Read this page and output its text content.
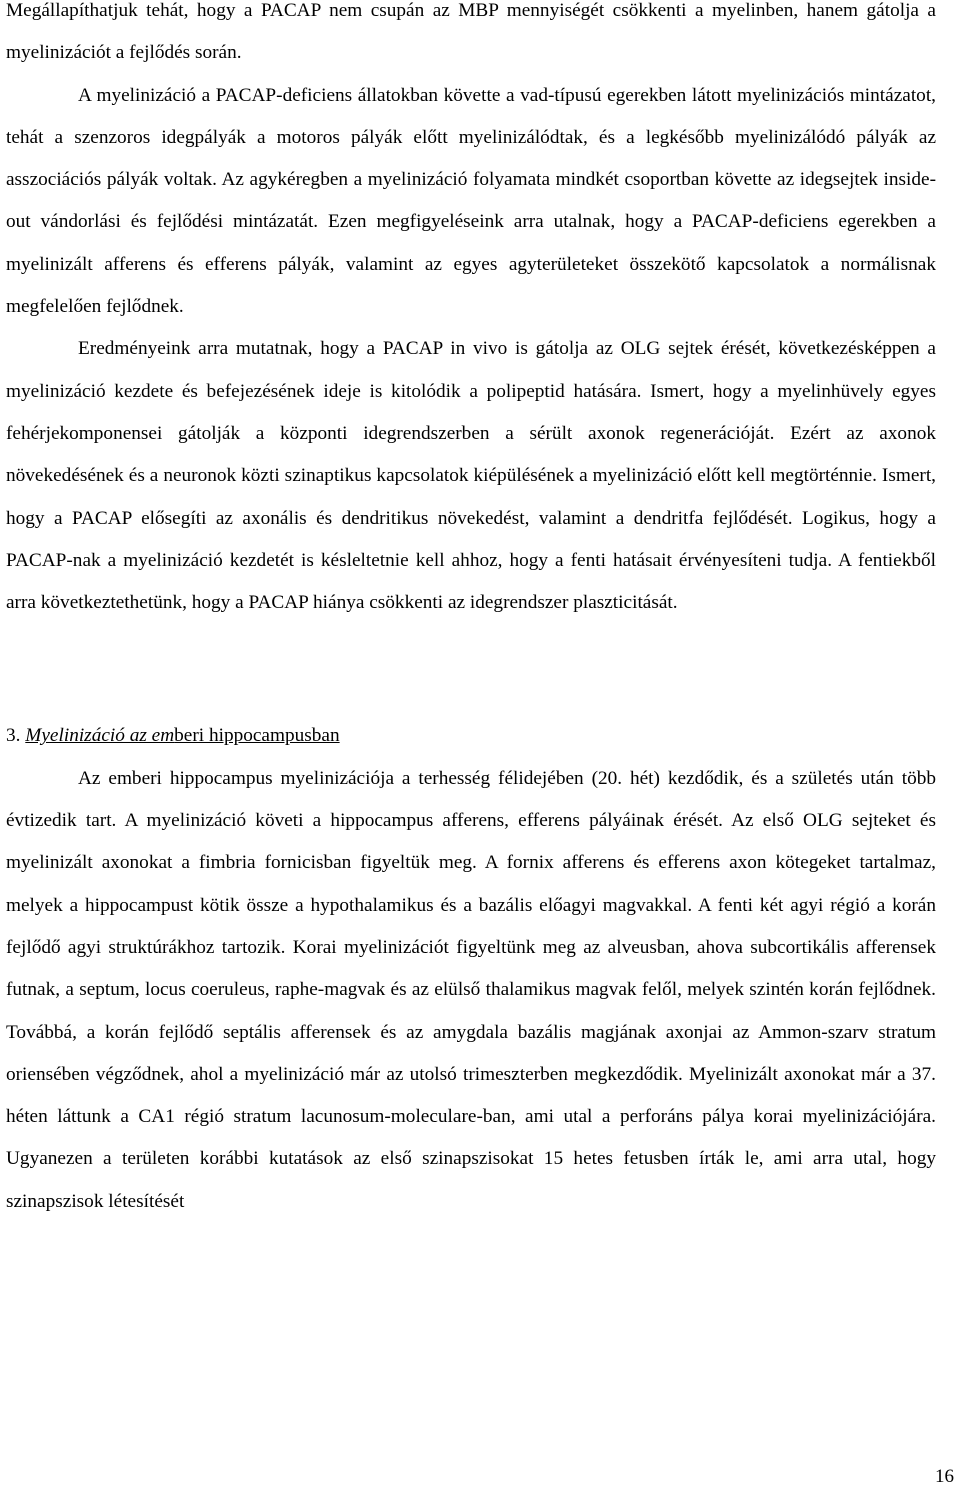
Megállapíthatjuk tehát, hogy a PACAP nem csupán az MBP mennyiségét csökkenti a myelinben, hanem gátolja a myelinizációt a fejlődés során.

A myelinizáció a PACAP-deficiens állatokban követte a vad-típusú egerekben látott myelinizációs mintázatot, tehát a szenzoros idegpályák a motoros pályák előtt myelinizálódtak, és a legkésőbb myelinizálódó pályák az asszociációs pályák voltak. Az agykéregben a myelinizáció folyamata mindkét csoportban követte az idegsejtek inside-out vándorlási és fejlődési mintázatát. Ezen megfigyeléseink arra utalnak, hogy a PACAP-deficiens egerekben a myelinizált afferens és efferens pályák, valamint az egyes agyterületeket összekötő kapcsolatok a normálisnak megfelelően fejlődnek.

Eredményeink arra mutatnak, hogy a PACAP in vivo is gátolja az OLG sejtek érését, következésképpen a myelinizáció kezdete és befejezésének ideje is kitolódik a polipeptid hatására. Ismert, hogy a myelinhüvely egyes fehérjekomponensei gátolják a központi idegrendszerben a sérült axonok regenerációját. Ezért az axonok növekedésének és a neuronok közti szinaptikus kapcsolatok kiépülésének a myelinizáció előtt kell megtörténnie. Ismert, hogy a PACAP elősegíti az axonális és dendritikus növekedést, valamint a dendritfa fejlődését. Logikus, hogy a PACAP-nak a myelinizáció kezdetét is késleltetnie kell ahhoz, hogy a fenti hatásait érvényesíteni tudja. A fentiekből arra következtethetünk, hogy a PACAP hiánya csökkenti az idegrendszer plaszticitását.

3. Myelinizáció az emberi hippocampusban

Az emberi hippocampus myelinizációja a terhesség félidejében (20. hét) kezdődik, és a születés után több évtizedik tart. A myelinizáció követi a hippocampus afferens, efferens pályáinak érését. Az első OLG sejteket és myelinizált axonokat a fimbria fornicisban figyeltük meg. A fornix afferens és efferens axon kötegeket tartalmaz, melyek a hippocampust kötik össze a hypothalamikus és a bazális előagyi magvakkal. A fenti két agyi régió a korán fejlődő agyi struktúrákhoz tartozik. Korai myelinizációt figyeltünk meg az alveusban, ahova subcortikális afferensek futnak, a septum, locus coeruleus, raphe-magvak és az elülső thalamikus magvak felől, melyek szintén korán fejlődnek. Továbbá, a korán fejlődő septális afferensek és az amygdala bazális magjának axonjai az Ammon-szarv stratum oriensében végződnek, ahol a myelinizáció már az utolsó trimeszterben megkezdődik. Myelinizált axonokat már a 37. héten láttunk a CA1 régió stratum lacunosum-moleculare-ban, ami utal a perforáns pálya korai myelinizációjára. Ugyanezen a területen korábbi kutatások az első szinapszisokat 15 hetes fetusben írták le, ami arra utal, hogy szinapszisok létesítését

16
